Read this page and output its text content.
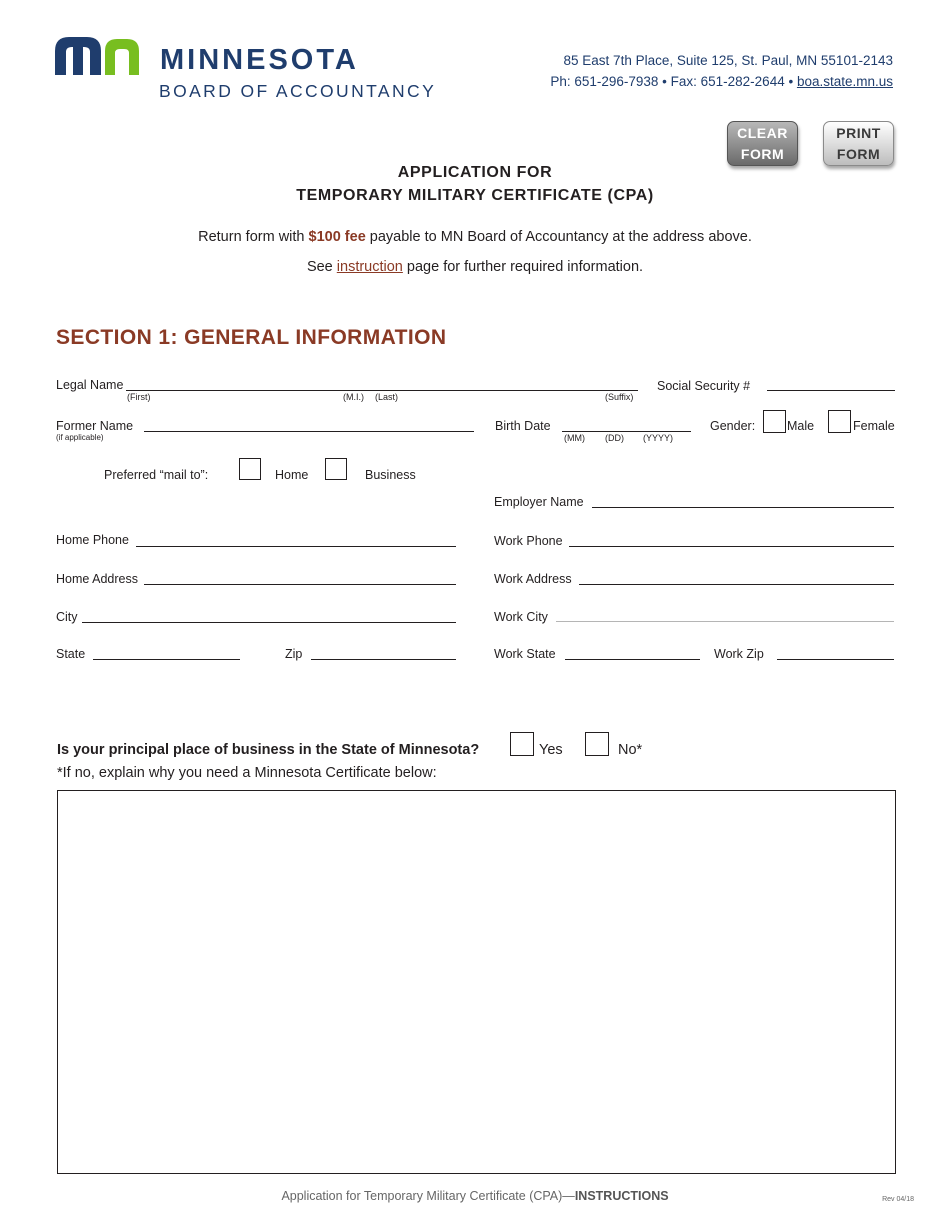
MINNESOTA
BOARD OF ACCOUNTANCY
85 East 7th Place, Suite 125, St. Paul, MN 55101-2143
Ph: 651-296-7938 • Fax: 651-282-2644 • boa.state.mn.us
CLEAR
FORM
PRINT
FORM
APPLICATION FOR
TEMPORARY MILITARY CERTIFICATE (CPA)
Return form with $100 fee payable to MN Board of Accountancy at the address above.
See instruction page for further required information.
SECTION 1: GENERAL INFORMATION
Legal Name
(First)	(M.I.) (Last)	(Suffix)
Social Security #
Former Name
(if applicable)
Birth Date
(MM) (DD) (YYYY)
Gender:	Male	Female
Preferred “mail to”:	Home	Business
Employer Name
Home Phone	Work Phone
Home Address	Work Address
City	Work City
State	Zip	Work State	Work Zip
Is your principal place of business in the State of Minnesota?	Yes	No*
*If no, explain why you need a Minnesota Certificate below:
Application for Temporary Military Certificate (CPA)—INSTRUCTIONS	Rev 04/18
